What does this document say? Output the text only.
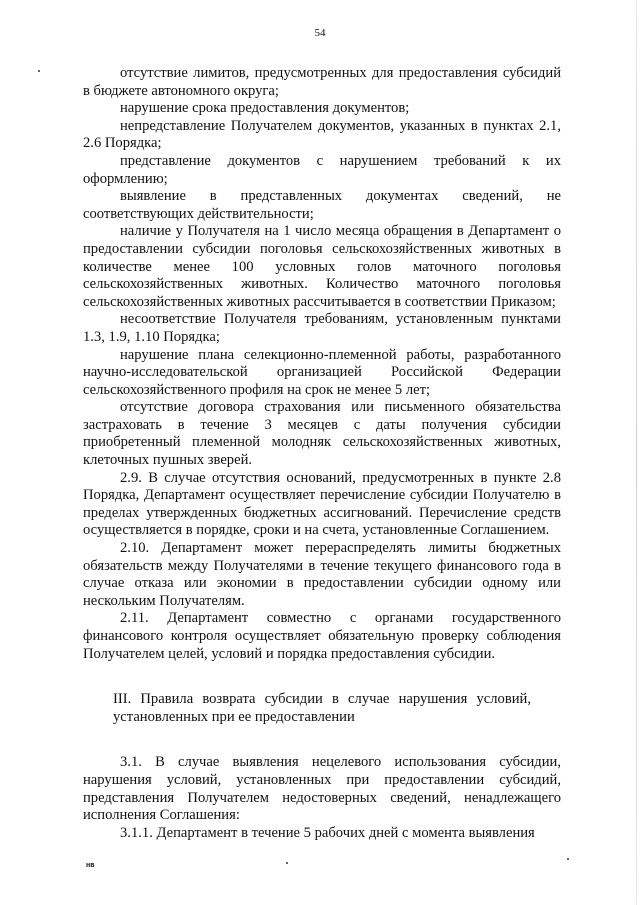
54

отсутствие лимитов, предусмотренных для предоставления субсидий в бюджете автономного округа;

нарушение срока предоставления документов;

непредставление Получателем документов, указанных в пунктах 2.1, 2.6 Порядка;

представление документов с нарушением требований к их оформлению;

выявление в представленных документах сведений, не соответствующих действительности;

наличие у Получателя на 1 число месяца обращения в Департамент о предоставлении субсидии поголовья сельскохозяйственных животных в количестве менее 100 условных голов маточного поголовья сельскохозяйственных животных. Количество маточного поголовья сельскохозяйственных животных рассчитывается в соответствии Приказом;

несоответствие Получателя требованиям, установленным пунктами 1.3, 1.9, 1.10 Порядка;

нарушение плана селекционно-племенной работы, разработанного научно-исследовательской организацией Российской Федерации сельскохозяйственного профиля на срок не менее 5 лет;

отсутствие договора страхования или письменного обязательства застраховать в течение 3 месяцев с даты получения субсидии приобретенный племенной молодняк сельскохозяйственных животных, клеточных пушных зверей.

2.9. В случае отсутствия оснований, предусмотренных в пункте 2.8 Порядка, Департамент осуществляет перечисление субсидии Получателю в пределах утвержденных бюджетных ассигнований. Перечисление средств осуществляется в порядке, сроки и на счета, установленные Соглашением.

2.10. Департамент может перераспределять лимиты бюджетных обязательств между Получателями в течение текущего финансового года в случае отказа или экономии в предоставлении субсидии одному или нескольким Получателям.

2.11. Департамент совместно с органами государственного финансового контроля осуществляет обязательную проверку соблюдения Получателем целей, условий и порядка предоставления субсидии.

III. Правила возврата субсидии в случае нарушения условий, установленных при ее предоставлении

3.1. В случае выявления нецелевого использования субсидии, нарушения условий, установленных при предоставлении субсидий, представления Получателем недостоверных сведений, ненадлежащего исполнения Соглашения:

3.1.1. Департамент в течение 5 рабочих дней с момента выявления

нв
